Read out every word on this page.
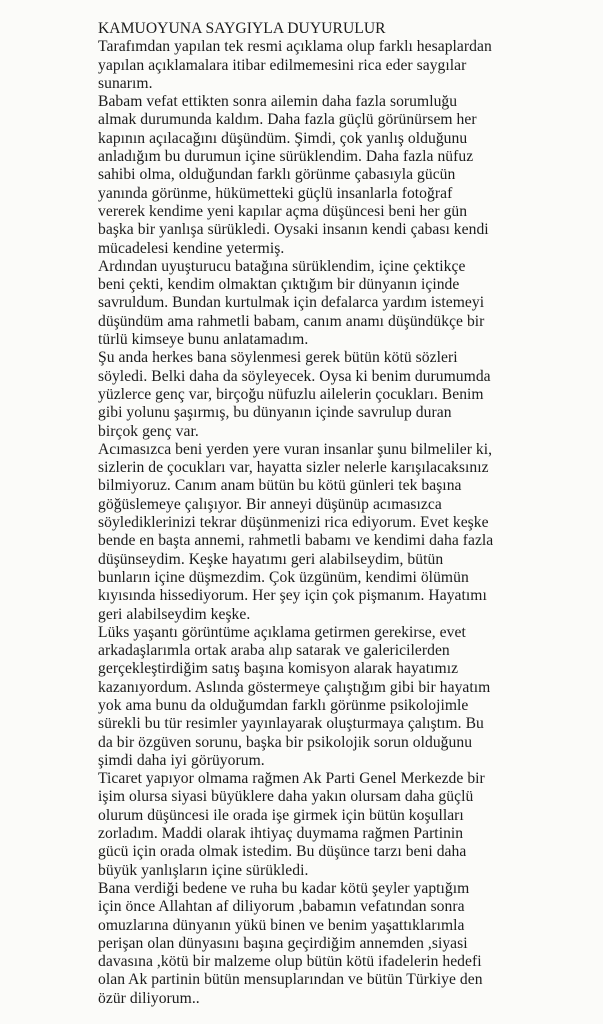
KAMUOYUNA SAYGIYLA DUYURULUR

Tarafımdan yapılan tek resmi açıklama olup farklı hesaplardan
yapılan açıklamalara itibar edilmemesini rica eder saygılar
sunarım.

Babam vefat ettikten sonra ailemin daha fazla sorumluğu
almak durumunda kaldım. Daha fazla güçlü görünürsem her
kapının açılacağını düşündüm. Şimdi, çok yanlış olduğunu
anladığım bu durumun içine sürüklendim. Daha fazla nüfuz
sahibi olma, olduğundan farklı görünme çabasıyla gücün
yanında görünme, hükümetteki güçlü insanlarla fotoğraf
vererek kendime yeni kapılar açma düşüncesi beni her gün
başka bir yanlışa sürükledi. Oysaki insanın kendi çabası kendi
mücadelesi kendine yetermiş.

Ardından uyuşturucu batağına sürüklendim, içine çektikçe
beni çekti, kendim olmaktan çıktığım bir dünyanın içinde
savruldum. Bundan kurtulmak için defalarca yardım istemeyi
düşündüm ama rahmetli babam, canım anamı düşündükçe bir
türlü kimseye bunu anlatamadım.

Şu anda herkes bana söylenmesi gerek bütün kötü sözleri
söyledi. Belki daha da söyleyecek. Oysa ki benim durumumda
yüzlerce genç var, birçoğu nüfuzlu ailelerin çocukları. Benim
gibi yolunu şaşırmış, bu dünyanın içinde savrulup duran
birçok genç var.

Acımasızca beni yerden yere vuran insanlar şunu bilmeliler ki,
sizlerin de çocukları var, hayatta sizler nelerle karışılacaksınız
bilmiyoruz. Canım anam bütün bu kötü günleri tek başına
göğüslemeye çalışıyor. Bir anneyi düşünüp acımasızca
söylediklerinizi tekrar düşünmenizi rica ediyorum. Evet keşke
bende en başta annemi, rahmetli babamı ve kendimi daha fazla
düşünseydim. Keşke hayatımı geri alabilseydim, bütün
bunların içine düşmezdim. Çok üzgünüm, kendimi ölümün
kıyısında hissediyorum. Her şey için çok pişmanım. Hayatımı
geri alabilseydim keşke.

Lüks yaşantı görüntüme açıklama getirmen gerekirse, evet
arkadaşlarımla ortak araba alıp satarak ve galericilerden
gerçekleştirdiğim satış başına komisyon alarak hayatımız
kazanıyordum. Aslında göstermeye çalıştığım gibi bir hayatım
yok ama bunu da olduğumdan farklı görünme psikolojimle
sürekli bu tür resimler yayınlayarak oluşturmaya çalıştım. Bu
da bir özgüven sorunu, başka bir psikolojik sorun olduğunu
şimdi daha iyi görüyorum.

Ticaret yapıyor olmama rağmen Ak Parti Genel Merkezde bir
işim olursa siyasi büyüklere daha yakın olursam daha güçlü
olurum düşüncesi ile orada işe girmek için bütün koşulları
zorladım. Maddi olarak ihtiyaç duymama rağmen Partinin
gücü için orada olmak istedim. Bu düşünce tarzı beni daha
büyük yanlışların içine sürükledi.

Bana verdiği bedene ve ruha bu kadar kötü şeyler yaptığım
için önce Allahtan af diliyorum ,babamın vefatından sonra
omuzlarına dünyanın yükü binen ve benim yaşattıklarımla
perişan olan dünyasını başına geçirdiğim annemden ,siyasi
davasına ,kötü bir malzeme olup bütün kötü ifadelerin hedefi
olan Ak partinin bütün mensuplarından ve bütün Türkiye den
özür diliyorum..
